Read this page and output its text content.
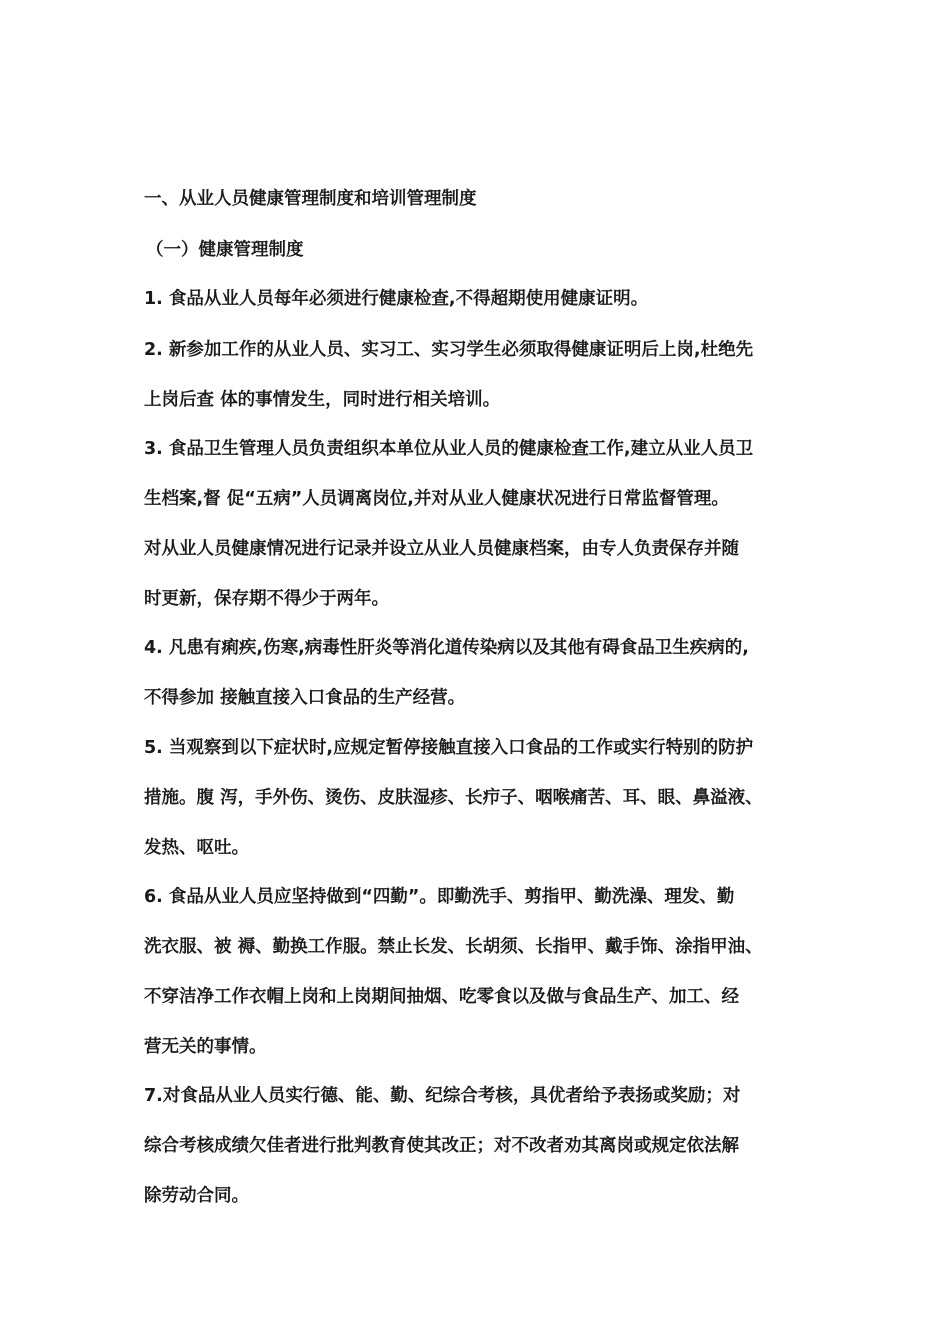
一、从业人员健康管理制度和培训管理制度
（一）健康管理制度
1. 食品从业人员每年必须进行健康检查,不得超期使用健康证明。
2. 新参加工作的从业人员、实习工、实习学生必须取得健康证明后上岗,杜绝先
上岗后查 体的事情发生，同时进行相关培训。
3. 食品卫生管理人员负责组织本单位从业人员的健康检查工作,建立从业人员卫
生档案,督 促“五病”人员调离岗位,并对从业人健康状况进行日常监督管理。
对从业人员健康情况进行记录并设立从业人员健康档案，由专人负责保存并随
时更新，保存期不得少于两年。
4. 凡患有痢疾,伤寒,病毒性肝炎等消化道传染病以及其他有碍食品卫生疾病的,
不得参加 接触直接入口食品的生产经营。
5. 当观察到以下症状时,应规定暂停接触直接入口食品的工作或实行特别的防护
措施。腹 泻，手外伤、烫伤、皮肤湿疹、长疖子、咽喉痛苦、耳、眼、鼻溢液、
发热、呕吐。
6. 食品从业人员应坚持做到“四勤”。即勤洗手、剪指甲、勤洗澡、理发、勤
洗衣服、被 褥、勤换工作服。禁止长发、长胡须、长指甲、戴手饰、涂指甲油、
不穿洁净工作衣帽上岗和上岗期间抽烟、吃零食以及做与食品生产、加工、经
营无关的事情。
7.对食品从业人员实行德、能、勤、纪综合考核，具优者给予表扬或奖励；对
综合考核成绩欠佳者进行批判教育使其改正；对不改者劝其离岗或规定依法解
除劳动合同。
